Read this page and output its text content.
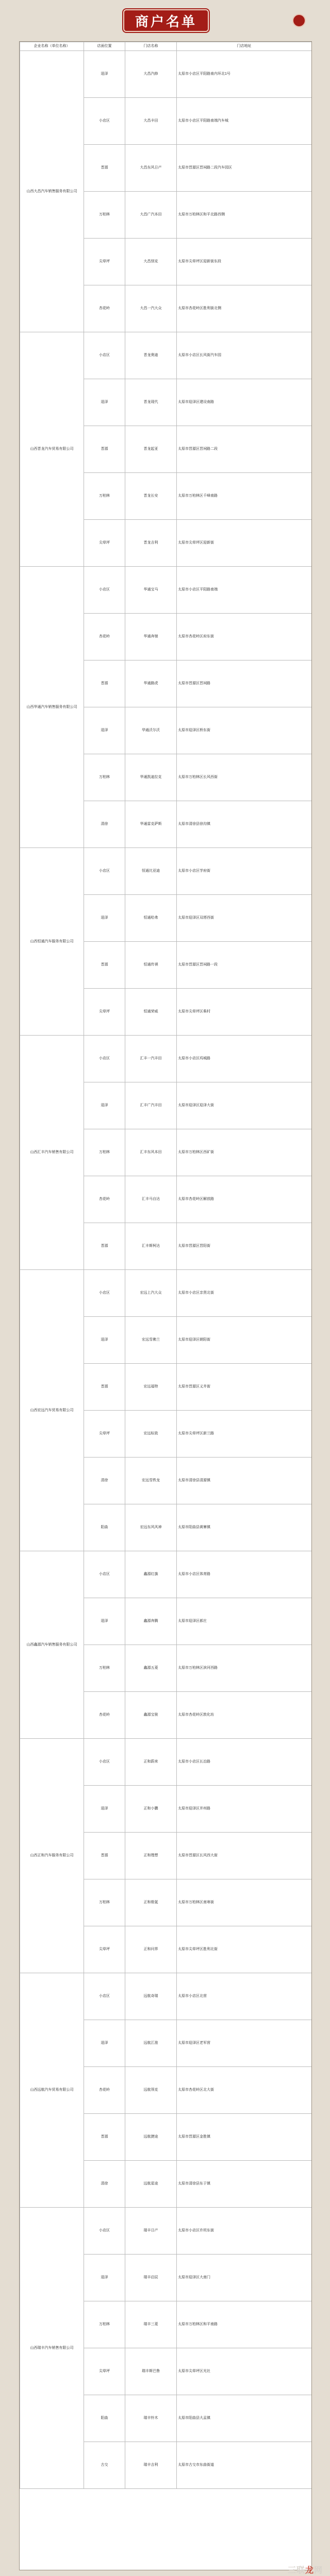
商户名单
企业名称（单位名称）	店面位置	门店名称	门店地址
山西大昌汽车销售服务有限公司	迎泽	大昌汽修	太原市小店区平阳路南内环北1号
	小店区	大昌丰田	太原市小店区平阳路南端汽车城
	晋源	大昌东风日产	太原市晋源区晋祠路二段汽车园区
	万柏林	大昌广汽本田	太原市万柏林区和平北路西侧
	尖草坪	大昌别克	太原市尖草坪区迎新街东段
	杏花岭	大昌一汽大众	太原市杏花岭区胜利街北侧
山西晋龙汽车贸易有限公司	小店区	晋龙奥迪	太原市小店区长风街汽车园
	迎泽	晋龙现代	太原市迎泽区建设南路
	晋源	晋龙起亚	太原市晋源区晋祠路二段
	万柏林	晋龙长安	太原市万柏林区千峰南路
	尖草坪	晋龙吉利	太原市尖草坪区迎新街
山西华通汽车销售服务有限公司	小店区	华通宝马	太原市小店区平阳路南端
	杏花岭	华通奔驰	太原市杏花岭区府东街
	晋源	华通路虎	太原市晋源区晋祠路
	迎泽	华通沃尔沃	太原市迎泽区桥东街
	万柏林	华通凯迪拉克	太原市万柏林区长风西街
	清徐	华通雷克萨斯	太原市清徐县徐沟镇
山西恒通汽车服务有限公司	小店区	恒通比亚迪	太原市小店区学府街
	迎泽	恒通哈弗	太原市迎泽区双塔西街
	晋源	恒通传祺	太原市晋源区晋祠路一段
	尖草坪	恒通荣威	太原市尖草坪区柴村
山西汇丰汽车销售有限公司	小店区	汇丰一汽丰田	太原市小店区坞城路
	迎泽	汇丰广汽丰田	太原市迎泽区迎泽大街
	万柏林	汇丰东风本田	太原市万柏林区西矿街
	杏花岭	汇丰马自达	太原市杏花岭区解放路
	晋源	汇丰斯柯达	太原市晋源区晋阳街
山西宏远汽车贸易有限公司	小店区	宏远上汽大众	太原市小店区亲贤北街
	迎泽	宏远雪佛兰	太原市迎泽区朝阳街
	晋源	宏远福特	太原市晋源区义井街
	尖草坪	宏远标致	太原市尖草坪区新兰路
	清徐	宏远雪铁龙	太原市清徐县清源镇
	阳曲	宏远东风风神	太原市阳曲县黄寨镇
山西鑫源汽车销售服务有限公司	小店区	鑫源红旗	太原市小店区体育路
	迎泽	鑫源奔腾	太原市迎泽区郝庄
	万柏林	鑫源五菱	太原市万柏林区滨河西路
	杏花岭	鑫源宝骏	太原市杏花岭区敦化坊
山西正和汽车服务有限公司	小店区	正和蔚来	太原市小店区长治路
	迎泽	正和小鹏	太原市迎泽区并州路
	晋源	正和理想	太原市晋源区长风西大街
	万柏林	正和极氪	太原市万柏林区南寒街
	尖草坪	正和问界	太原市尖草坪区胜利北街
山西远航汽车贸易有限公司	小店区	远航奇瑞	太原市小店区北营
	迎泽	远航江淮	太原市迎泽区老军营
	杏花岭	远航领克	太原市杏花岭区北大街
	晋源	远航捷途	太原市晋源区金胜镇
	清徐	远航星途	太原市清徐县东于镇
山西瑞丰汽车销售有限公司	小店区	瑞丰日产	太原市小店区许坦东街
	迎泽	瑞丰启辰	太原市迎泽区大南门
	万柏林	瑞丰三菱	太原市万柏林区和平南路
	尖草坪	瑞丰斯巴鲁	太原市尖草坪区光社
	阳曲	瑞丰铃木	太原市阳曲县大盂镇
	古交	瑞丰吉利	太原市古交市东曲街道
三联龙网
